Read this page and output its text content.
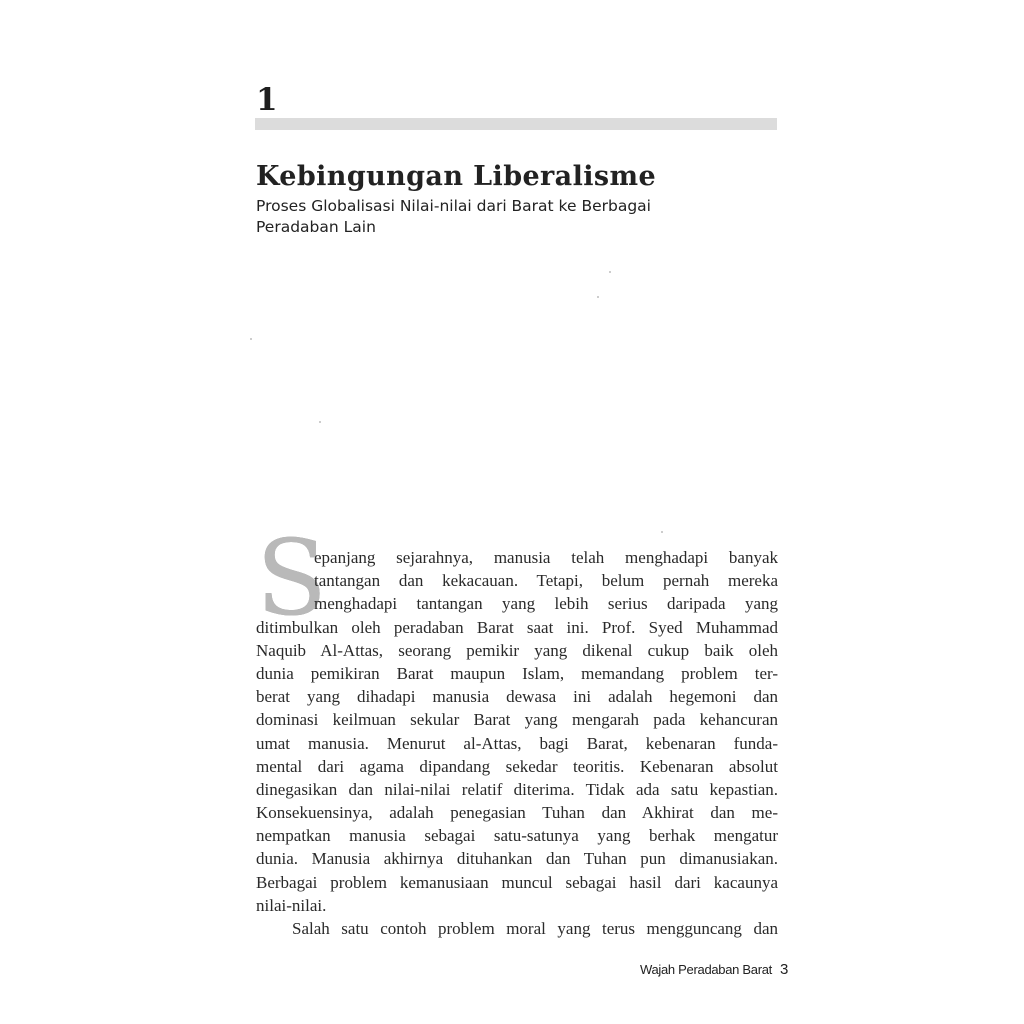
1
Kebingungan Liberalisme
Proses Globalisasi Nilai-nilai dari Barat ke Berbagai Peradaban Lain
S
epanjang sejarahnya, manusia telah menghadapi banyak
tantangan dan kekacauan. Tetapi, belum pernah mereka
menghadapi tantangan yang lebih serius daripada yang
ditimbulkan oleh peradaban Barat saat ini. Prof. Syed Muhammad
Naquib Al-Attas, seorang pemikir yang dikenal cukup baik oleh
dunia pemikiran Barat maupun Islam, memandang problem ter-
berat yang dihadapi manusia dewasa ini adalah hegemoni dan
dominasi keilmuan sekular Barat yang mengarah pada kehancuran
umat manusia. Menurut al-Attas, bagi Barat, kebenaran funda-
mental dari agama dipandang sekedar teoritis. Kebenaran absolut
dinegasikan dan nilai-nilai relatif diterima. Tidak ada satu kepastian.
Konsekuensinya, adalah penegasian Tuhan dan Akhirat dan me-
nempatkan manusia sebagai satu-satunya yang berhak mengatur
dunia. Manusia akhirnya dituhankan dan Tuhan pun dimanusiakan.
Berbagai problem kemanusiaan muncul sebagai hasil dari kacaunya
nilai-nilai.
Salah satu contoh problem moral yang terus mengguncang dan
Wajah Peradaban Barat 3
